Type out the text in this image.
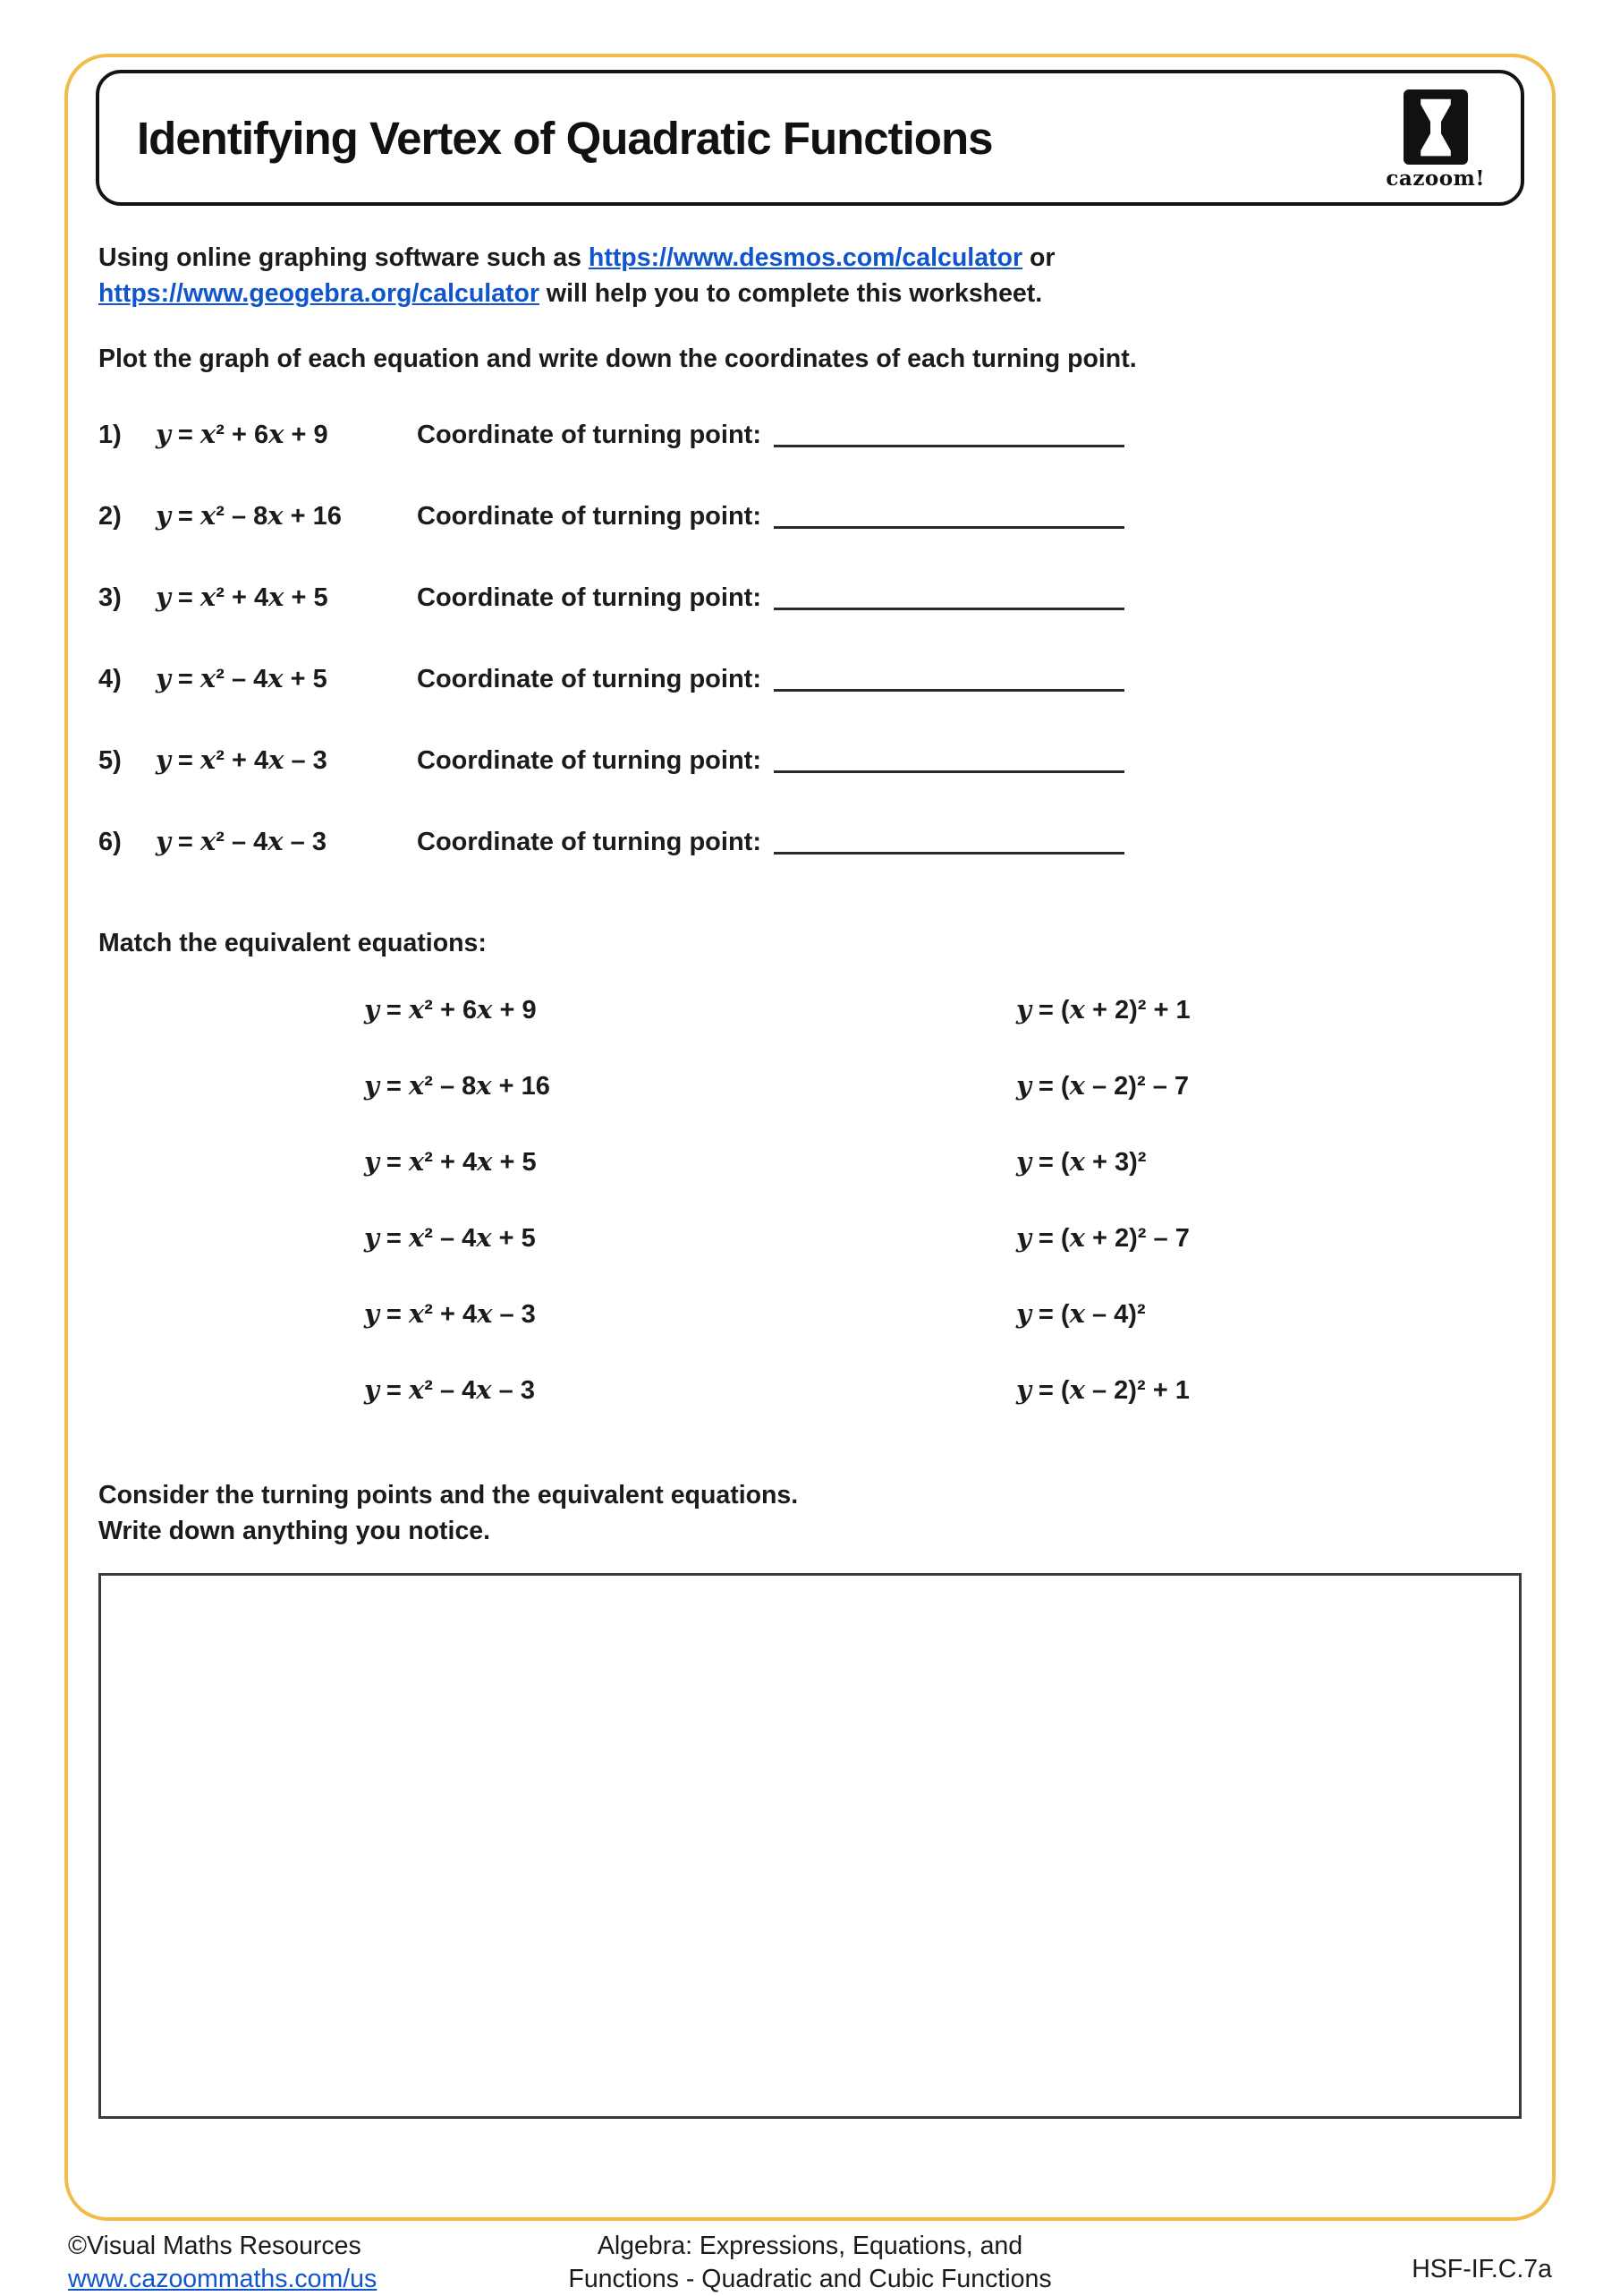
Identifying Vertex of Quadratic Functions
cazoom!

Using online graphing software such as https://www.desmos.com/calculator or
https://www.geogebra.org/calculator will help you to complete this worksheet.

Plot the graph of each equation and write down the coordinates of each turning point.

1)	y = x² + 6x + 9	Coordinate of turning point:
2)	y = x² – 8x + 16	Coordinate of turning point:
3)	y = x² + 4x + 5	Coordinate of turning point:
4)	y = x² – 4x + 5	Coordinate of turning point:
5)	y = x² + 4x – 3	Coordinate of turning point:
6)	y = x² – 4x – 3	Coordinate of turning point:
Match the equivalent equations:
y = x² + 6x + 9	y = (x + 2)² + 1
y = x² – 8x + 16	y = (x – 2)² – 7
y = x² + 4x + 5	y = (x + 3)²
y = x² – 4x + 5	y = (x + 2)² – 7
y = x² + 4x – 3	y = (x – 4)²
y = x² – 4x – 3	y = (x – 2)² + 1

Consider the turning points and the equivalent equations.
Write down anything you notice.

©Visual Maths Resources
www.cazoommaths.com/us
Algebra: Expressions, Equations, and
Functions - Quadratic and Cubic Functions	HSF-IF.C.7a
